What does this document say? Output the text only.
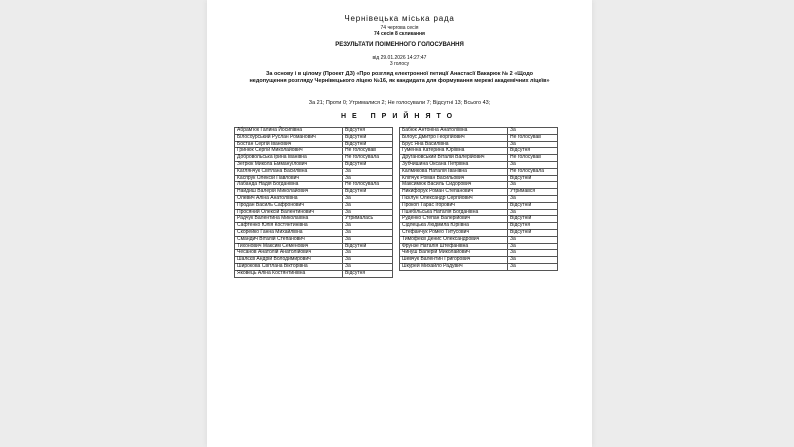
Чернівецька міська рада
74 чергова сесія
74 сесія 8 скликання
РЕЗУЛЬТАТИ ПОІМЕННОГО ГОЛОСУВАННЯ
від 29.01.2026 14:27:47
3 голосу
За основу і в цілому (Проект ДЗ) «Про розгляд електронної петиції Анастасії Вакарюк № 2 «Щодо недопущення розгляду Чернівецького ліцею №16, як кандидата для формування мережі академічних ліцеїв»
За 21; Проти 0; Утрималися 2; Не голосували 7; Відсутні 13; Всього 43;
НЕ ПРИЙНЯТО
Абрам'юк Галина Йосипівна	Відсутня
Білосоурський Руслан Романович	Відсутній
Бостан Сергій Іванович	Відсутній
Гринюк Сергій Миколайович	Не голосував
Добровольська Ірина Іванівна	Не голосувала
Зегрюк Микола Еммануїлович	Відсутній
Каглянчук Світлана Василівна	За
Каспрук Олексій Павлович	За
Лабанда Надія Богданівна	Не голосувала
Найдиш Валерій Миколайович	Відсутній
Олевич Аліна Анатоліївна	За
Продан Василь Сафронович	За
Просяний Олексій Валентинович	За
Радчук Валентина Миколаївна	Утрималась
Сафтенко Юлія Костянтинівна	За
Скорейко Ганна Михайлівна	За
Смандич Віталій Степанович	За
Тихонович Максим Семенович	Відсутній
Чесанов Анатолій Анатолійович	За
Шалєєв Андрій Володимирович	За
Широкова Світлана Вікторівна	За
Яковець Аліна Костянтинівна	Відсутня
Бабюк Антоніна Анатоліївна	За
Білоус Дмитро Георгійович	Не голосував
Брус Яна Василівна	За
Гуменна Катерина Юріївна	Відсутня
Другановський Віталій Валерійович	Не голосував
Зубчишина Оксана Петрівна	За
Калмикова Наталія Іванівна	Не голосувала
Кліпчук Роман Васильович	Відсутній
Максимюк Василь Сидорович	За
Никифорук Роман Степанович	Утримався
Пєклун Олександр Сергійович	За
Прокоп Тарас Ігорович	Відсутній
Пшебільська Наталія Богданівна	За
Руденко Степан Валерійович	Відсутній
Сідлецька Людмила Юріївна	Відсутня
Стефанчук Ромео Титусович	Відсутній
Тимофеєв Денис Олександрович	За
Фрунзе Наталія Штефанівна	За
Чинуш Валерій Миколайович	За
Шевчук Валентин Григорович	За
Шкурей Михайло Радувич	За
